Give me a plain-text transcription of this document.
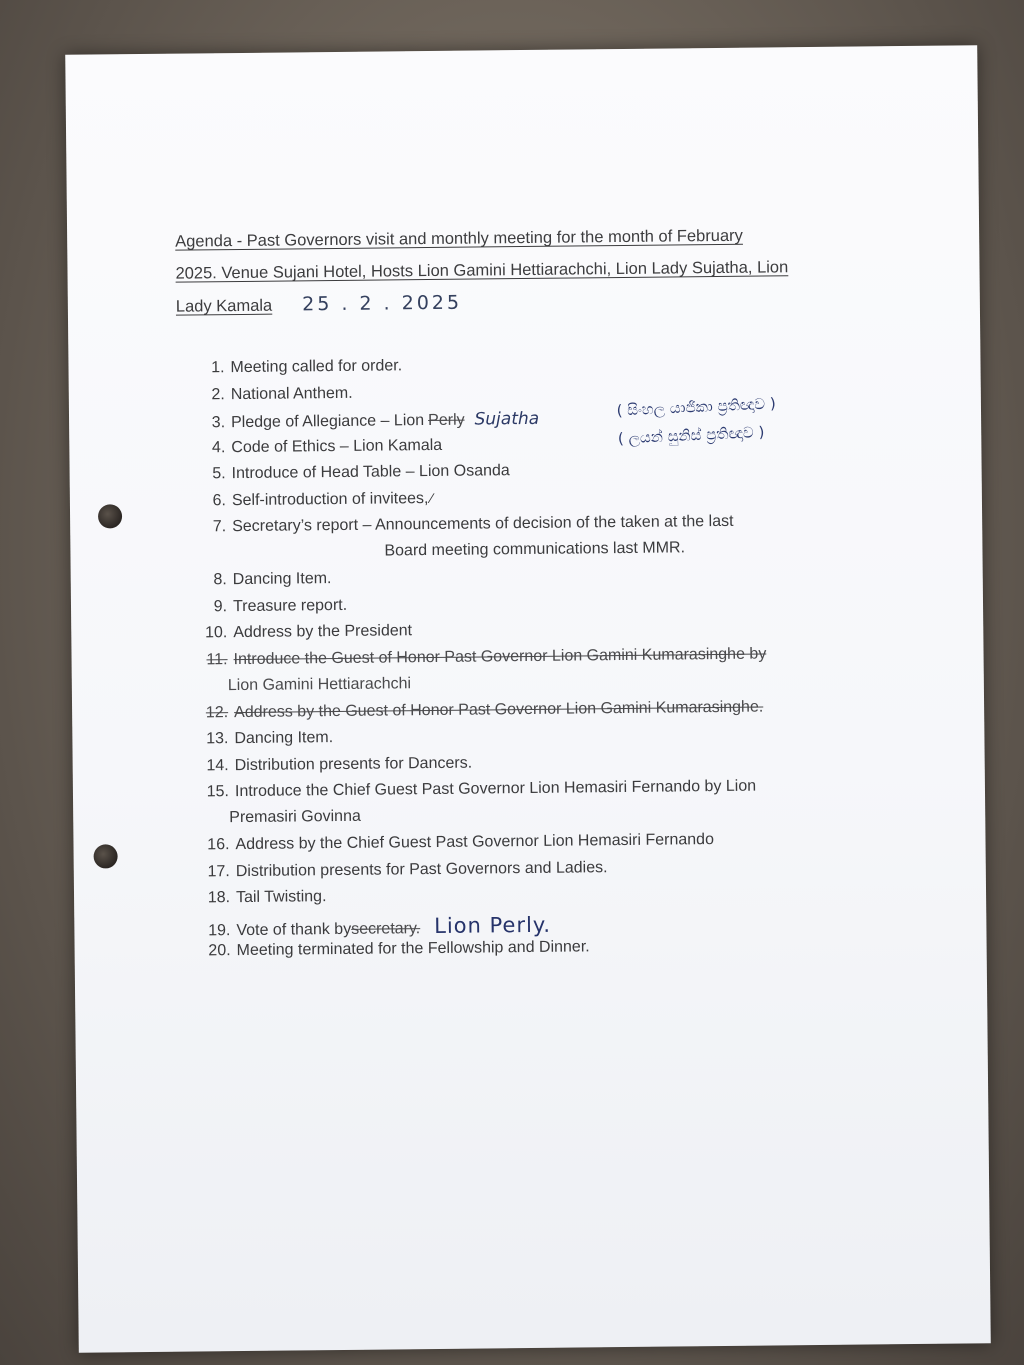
Agenda - Past Governors visit and monthly meeting for the month of February
2025. Venue Sujani Hotel, Hosts Lion Gamini Hettiarachchi, Lion Lady Sujatha, Lion
Lady Kamala 25 . 2 . 2025
( සිංහල යාජිකා ප්‍රතිඥාව )
( ලයන් සුනිස් ප්‍රතිඥාව )
1. Meeting called for order.
2. National Anthem.
3. Pledge of Allegiance – Lion Perly Sujatha
4. Code of Ethics – Lion Kamala
5. Introduce of Head Table – Lion Osanda
6. Self-introduction of invitees, ⁄
7. Secretary’s report – Announcements of decision of the taken at the last
Board meeting communications last MMR.
8. Dancing Item.
9. Treasure report.
10. Address by the President
11. Introduce the Guest of Honor Past Governor Lion Gamini Kumarasinghe by
Lion Gamini Hettiarachchi
12. Address by the Guest of Honor Past Governor Lion Gamini Kumarasinghe.
13. Dancing Item.
14. Distribution presents for Dancers.
15. Introduce the Chief Guest Past Governor Lion Hemasiri Fernando by Lion
Premasiri Govinna
16. Address by the Chief Guest Past Governor Lion Hemasiri Fernando
17. Distribution presents for Past Governors and Ladies.
18. Tail Twisting.
19. Vote of thank by secretary. Lion Perly.
20. Meeting terminated for the Fellowship and Dinner.
